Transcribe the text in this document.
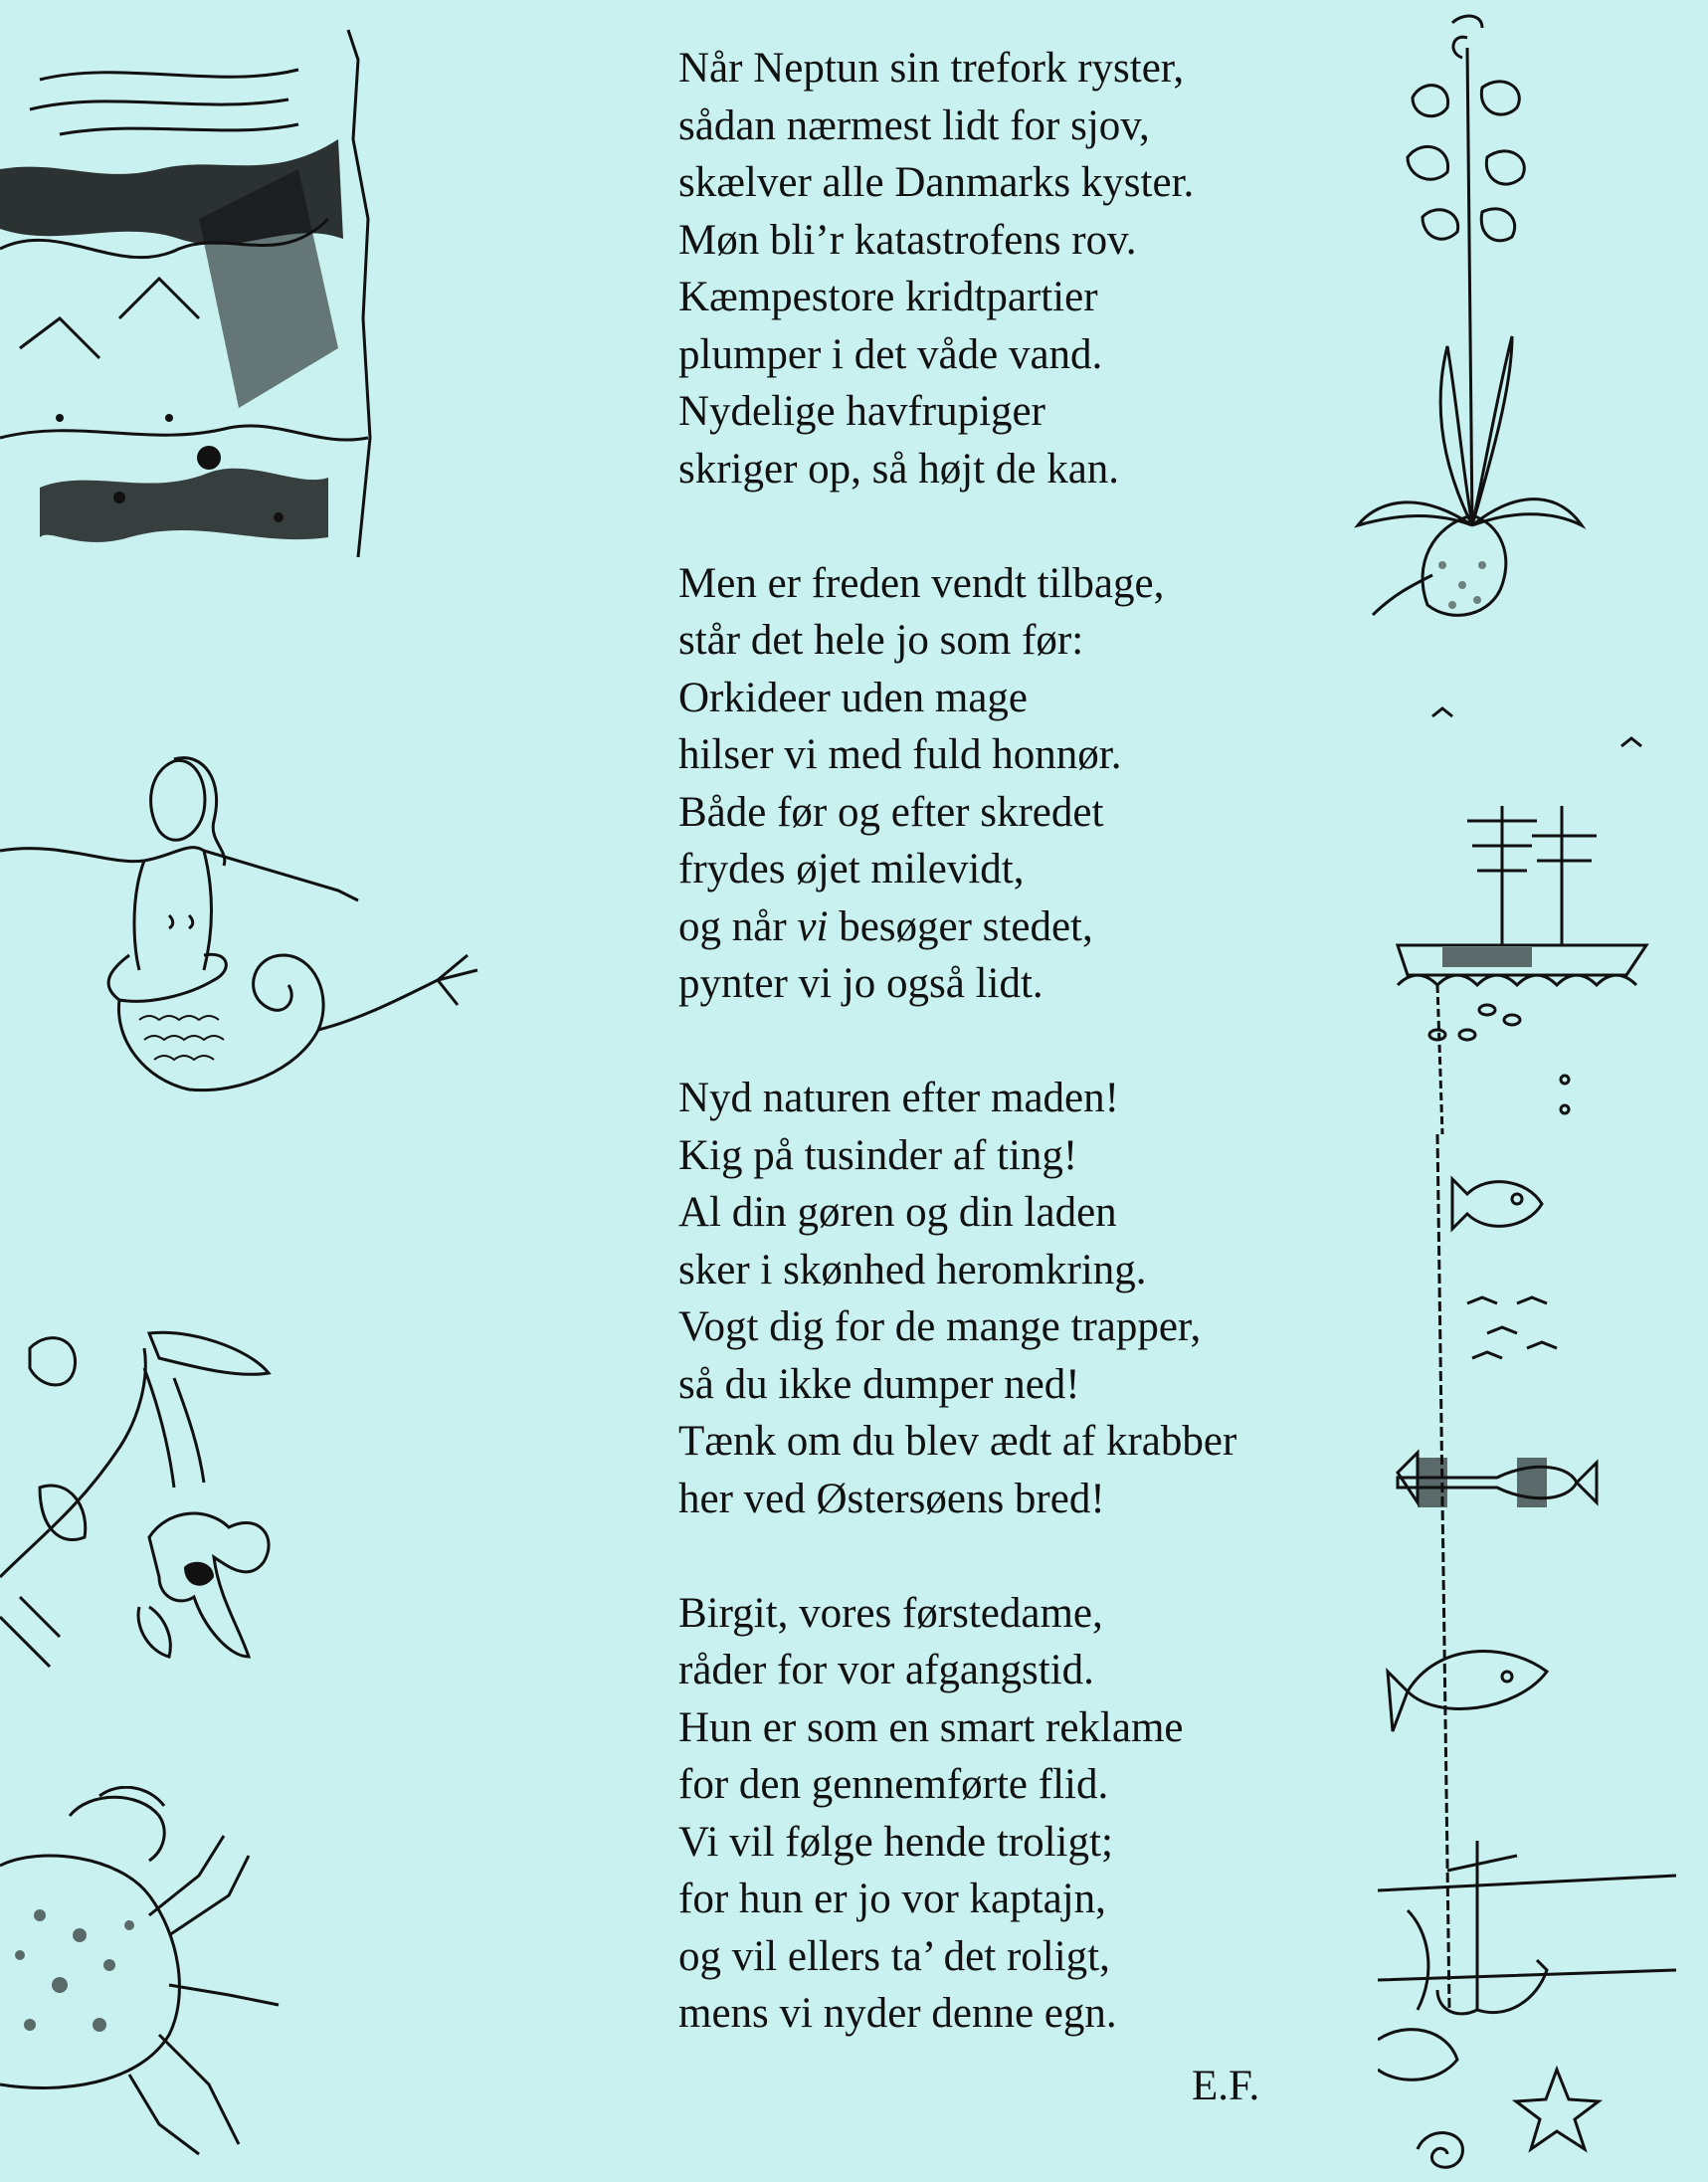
Når Neptun sin trefork ryster,
sådan nærmest lidt for sjov,
skælver alle Danmarks kyster.
Møn bli’r katastrofens rov.
Kæmpestore kridtpartier
plumper i det våde vand.
Nydelige havfrupiger
skriger op, så højt de kan.
Men er freden vendt tilbage,
står det hele jo som før:
Orkideer uden mage
hilser vi med fuld honnør.
Både før og efter skredet
frydes øjet milevidt,
og når vi besøger stedet,
pynter vi jo også lidt.
Nyd naturen efter maden!
Kig på tusinder af ting!
Al din gøren og din laden
sker i skønhed heromkring.
Vogt dig for de mange trapper,
så du ikke dumper ned!
Tænk om du blev ædt af krabber
her ved Østersøens bred!
Birgit, vores førstedame,
råder for vor afgangstid.
Hun er som en smart reklame
for den gennemførte flid.
Vi vil følge hende troligt;
for hun er jo vor kaptajn,
og vil ellers ta’ det roligt,
mens vi nyder denne egn.
E.F.
